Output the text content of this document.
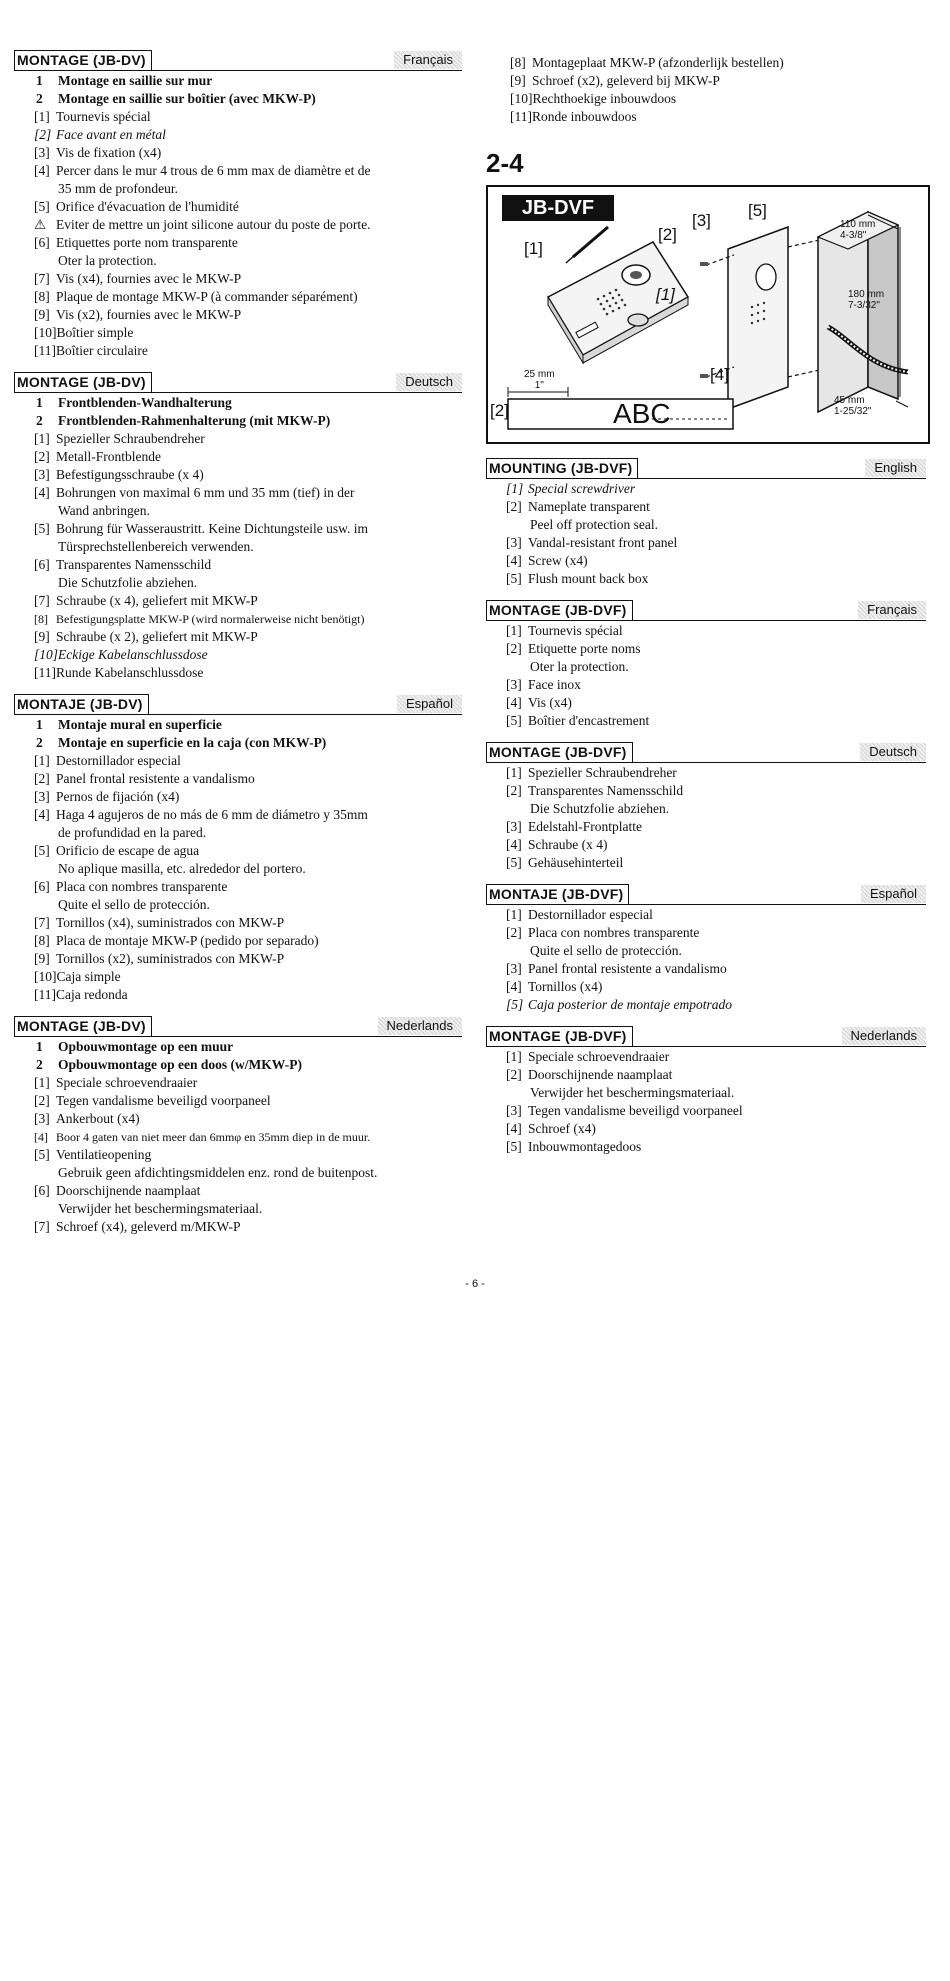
MONTAGE (JB-DV)	Français
1 Montage en saillie sur mur
2 Montage en saillie sur boîtier (avec MKW-P)
[1] Tournevis spécial
[2] Face avant en métal
[3] Vis de fixation (x4)
[4] Percer dans le mur 4 trous de 6 mm max de diamètre et de
35 mm de profondeur.
[5] Orifice d'évacuation de l'humidité
⚠ Eviter de mettre un joint silicone autour du poste de porte.
[6] Etiquettes porte nom transparente
Oter la protection.
[7] Vis (x4), fournies avec le MKW-P
[8] Plaque de montage MKW-P (à commander séparément)
[9] Vis (x2), fournies avec le MKW-P
[10]Boîtier simple
[11]Boîtier circulaire
MONTAGE (JB-DV)	Deutsch
1 Frontblenden-Wandhalterung
2 Frontblenden-Rahmenhalterung (mit MKW-P)
[1] Spezieller Schraubendreher
[2] Metall-Frontblende
[3] Befestigungsschraube (x 4)
[4] Bohrungen von maximal 6 mm und 35 mm (tief) in der
Wand anbringen.
[5] Bohrung für Wasseraustritt. Keine Dichtungsteile usw. im
Türsprechstellenbereich verwenden.
[6] Transparentes Namensschild
Die Schutzfolie abziehen.
[7] Schraube (x 4), geliefert mit MKW-P
[8] Befestigungsplatte MKW-P (wird normalerweise nicht benötigt)
[9] Schraube (x 2), geliefert mit MKW-P
[10]Eckige Kabelanschlussdose
[11]Runde Kabelanschlussdose
MONTAJE (JB-DV)	Español
1 Montaje mural en superficie
2 Montaje en superficie en la caja (con MKW-P)
[1] Destornillador especial
[2] Panel frontal resistente a vandalismo
[3] Pernos de fijación (x4)
[4] Haga 4 agujeros de no más de 6 mm de diámetro y 35mm
de profundidad en la pared.
[5] Orificio de escape de agua
No aplique masilla, etc. alrededor del portero.
[6] Placa con nombres transparente
Quite el sello de protección.
[7] Tornillos (x4), suministrados con MKW-P
[8] Placa de montaje MKW-P (pedido por separado)
[9] Tornillos (x2), suministrados con MKW-P
[10]Caja simple
[11]Caja redonda
MONTAGE (JB-DV)	Nederlands
1 Opbouwmontage op een muur
2 Opbouwmontage op een doos (w/MKW-P)
[1] Speciale schroevendraaier
[2] Tegen vandalisme beveiligd voorpaneel
[3] Ankerbout (x4)
[4] Boor 4 gaten van niet meer dan 6mmφ en 35mm diep in de muur.
[5] Ventilatieopening
Gebruik geen afdichtingsmiddelen enz. rond de buitenpost.
[6] Doorschijnende naamplaat
Verwijder het beschermingsmateriaal.
[7] Schroef (x4), geleverd m/MKW-P
[8] Montageplaat MKW-P (afzonderlijk bestellen)
[9] Schroef (x2), geleverd bij MKW-P
[10]Rechthoekige inbouwdoos
[11]Ronde inbouwdoos
2-4
JB-DVF
[1]
[2]
[3]
[5]
[1]
[4]
[2]
110 mm
4-3/8"
180 mm
7-3/32"
45 mm
1-25/32"
25 mm
1"
ABC
MOUNTING (JB-DVF)	English
[1] Special screwdriver
[2] Nameplate transparent
Peel off protection seal.
[3] Vandal-resistant front panel
[4] Screw (x4)
[5] Flush mount back box
MONTAGE (JB-DVF)	Français
[1] Tournevis spécial
[2] Etiquette porte noms
Oter la protection.
[3] Face inox
[4] Vis (x4)
[5] Boîtier d'encastrement
MONTAGE (JB-DVF)	Deutsch
[1] Spezieller Schraubendreher
[2] Transparentes Namensschild
Die Schutzfolie abziehen.
[3] Edelstahl-Frontplatte
[4] Schraube (x 4)
[5] Gehäusehinterteil
MONTAJE (JB-DVF)	Español
[1] Destornillador especial
[2] Placa con nombres transparente
Quite el sello de protección.
[3] Panel frontal resistente a vandalismo
[4] Tornillos (x4)
[5] Caja posterior de montaje empotrado
MONTAGE (JB-DVF)	Nederlands
[1] Speciale schroevendraaier
[2] Doorschijnende naamplaat
Verwijder het beschermingsmateriaal.
[3] Tegen vandalisme beveiligd voorpaneel
[4] Schroef (x4)
[5] Inbouwmontagedoos
- 6 -
